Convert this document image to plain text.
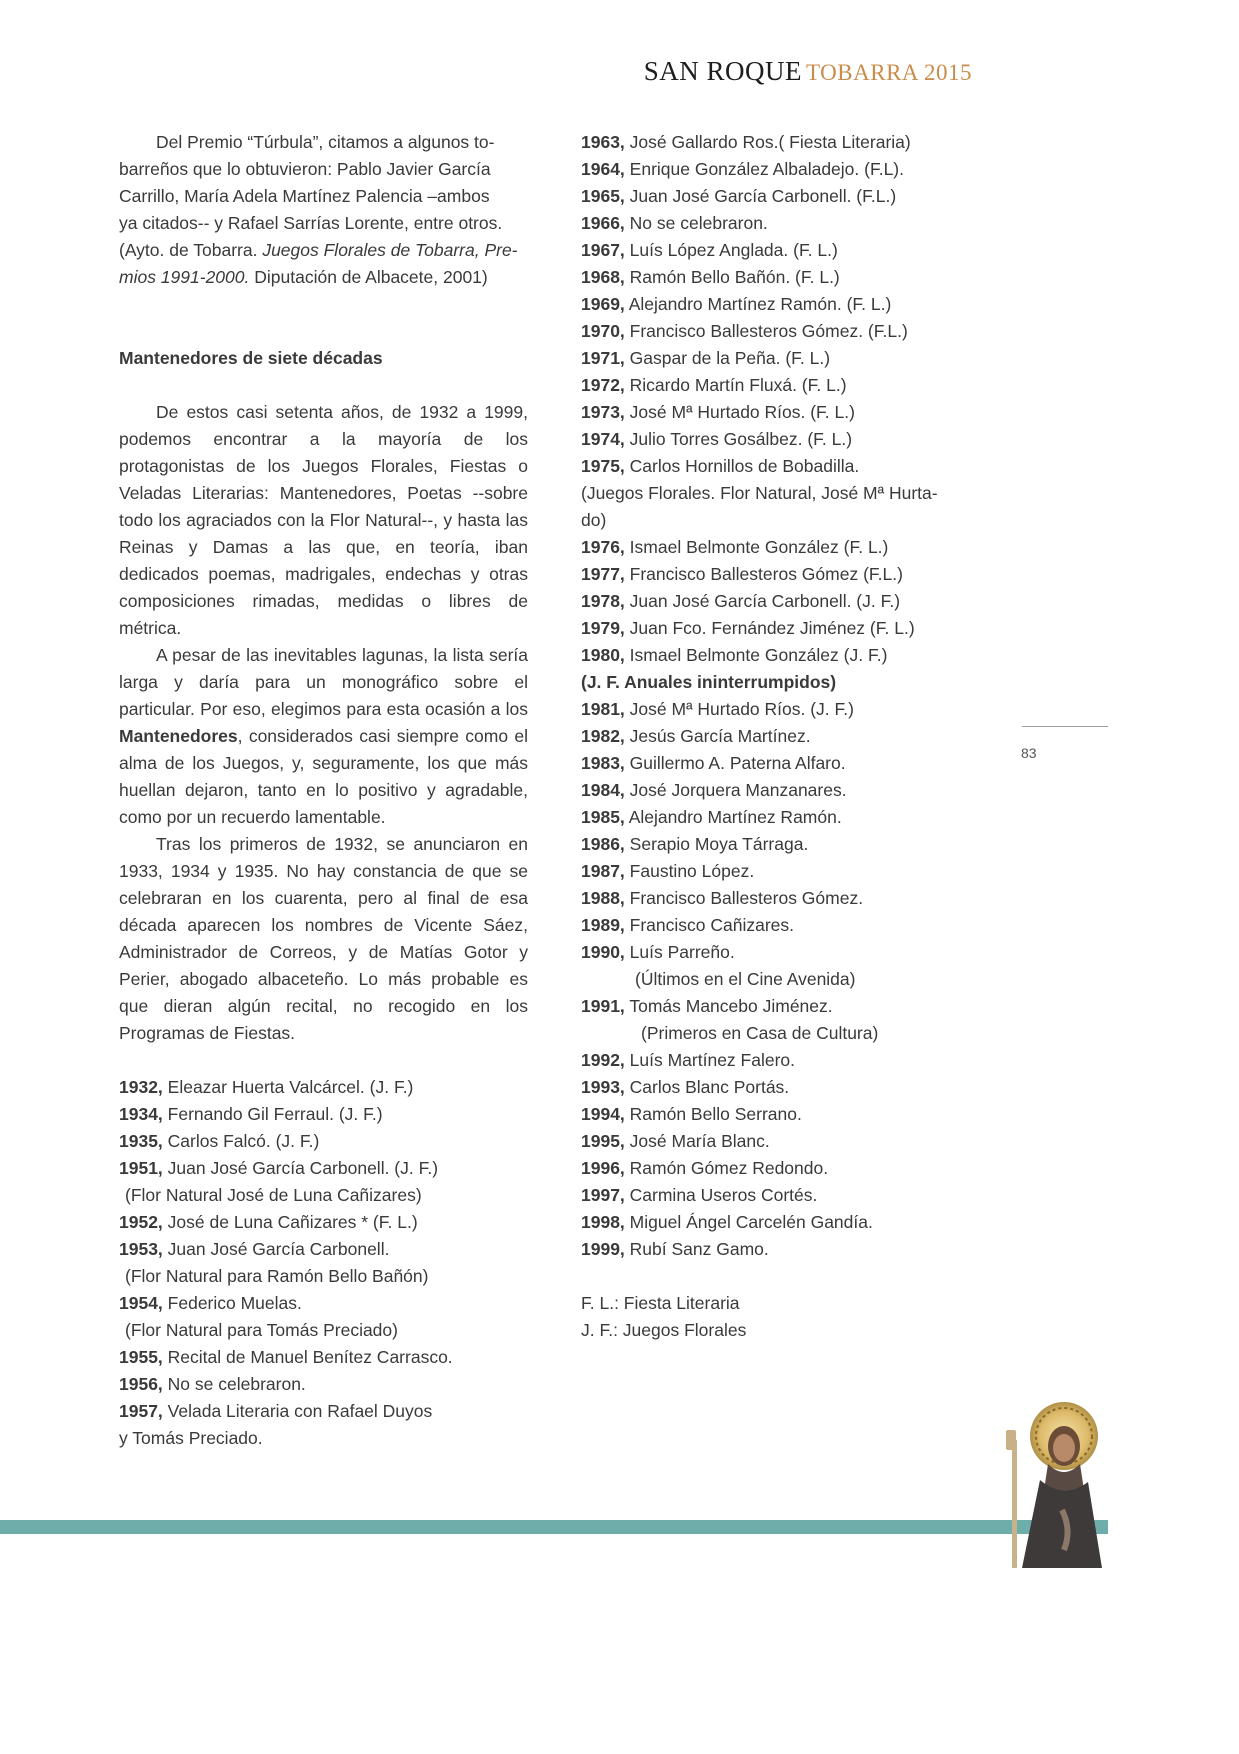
SAN ROQUE TOBARRA 2015
Del Premio “Túrbula”, citamos a algunos to-
barreños que lo obtuvieron: Pablo Javier García
Carrillo, María Adela Martínez Palencia –ambos
ya citados-- y Rafael Sarrías Lorente, entre otros.
(Ayto. de Tobarra. Juegos Florales de Tobarra, Pre-
mios 1991-2000. Diputación de Albacete, 2001)
Mantenedores de siete décadas

De estos casi setenta años, de 1932 a 1999, podemos encontrar a la mayoría de los protagonistas de los Juegos Florales, Fiestas o Veladas Literarias: Mantenedores, Poetas --sobre todo los agraciados con la Flor Natural--, y hasta las Reinas y Damas a las que, en teoría, iban dedicados poemas, madrigales, endechas y otras composiciones rimadas, medidas o libres de métrica.

A pesar de las inevitables lagunas, la lista sería larga y daría para un monográfico sobre el particular. Por eso, elegimos para esta ocasión a los Mantenedores, considerados casi siempre como el alma de los Juegos, y, seguramente, los que más huellan dejaron, tanto en lo positivo y agradable, como por un recuerdo lamentable.

Tras los primeros de 1932, se anunciaron en 1933, 1934 y 1935. No hay constancia de que se celebraran en los cuarenta, pero al final de esa década aparecen los nombres de Vicente Sáez, Administrador de Correos, y de Matías Gotor y Perier, abogado albaceteño. Lo más probable es que dieran algún recital, no recogido en los Programas de Fiestas.

1932, Eleazar Huerta Valcárcel. (J. F.)
1934, Fernando Gil Ferraul. (J. F.)
1935, Carlos Falcó. (J. F.)
1951, Juan José García Carbonell. (J. F.)
(Flor Natural José de Luna Cañizares)
1952, José de Luna Cañizares * (F. L.)
1953, Juan José García Carbonell.
(Flor Natural para Ramón Bello Bañón)
1954, Federico Muelas.
(Flor Natural para Tomás Preciado)
1955, Recital de Manuel Benítez Carrasco.
1956, No se celebraron.
1957, Velada Literaria con Rafael Duyos
y Tomás Preciado.
1963, José Gallardo Ros.( Fiesta Literaria)
1964, Enrique González Albaladejo. (F.L).
1965, Juan José García Carbonell. (F.L.)
1966, No se celebraron.
1967, Luís López Anglada. (F. L.)
1968, Ramón Bello Bañón. (F. L.)
1969, Alejandro Martínez Ramón. (F. L.)
1970, Francisco Ballesteros Gómez. (F.L.)
1971, Gaspar de la Peña. (F. L.)
1972, Ricardo Martín Fluxá. (F. L.)
1973, José Mª Hurtado Ríos. (F. L.)
1974, Julio Torres Gosálbez. (F. L.)
1975, Carlos Hornillos de Bobadilla.
(Juegos Florales. Flor Natural, José Mª Hurta-
do)
1976, Ismael Belmonte González (F. L.)
1977, Francisco Ballesteros Gómez (F.L.)
1978, Juan José García Carbonell. (J. F.)
1979, Juan Fco. Fernández Jiménez (F. L.)
1980, Ismael Belmonte González (J. F.)
(J. F. Anuales ininterrumpidos)
1981, José Mª Hurtado Ríos. (J. F.)
1982, Jesús García Martínez.
1983, Guillermo A. Paterna Alfaro.
1984, José Jorquera Manzanares.
1985, Alejandro Martínez Ramón.
1986, Serapio Moya Tárraga.
1987, Faustino López.
1988, Francisco Ballesteros Gómez.
1989, Francisco Cañizares.
1990, Luís Parreño.
(Últimos en el Cine Avenida)
1991, Tomás Mancebo Jiménez.
(Primeros en Casa de Cultura)
1992, Luís Martínez Falero.
1993, Carlos Blanc Portás.
1994, Ramón Bello Serrano.
1995, José María Blanc.
1996, Ramón Gómez Redondo.
1997, Carmina Useros Cortés.
1998, Miguel Ángel Carcelén Gandía.
1999, Rubí Sanz Gamo.
F. L.: Fiesta Literaria
J. F.: Juegos Florales
83
